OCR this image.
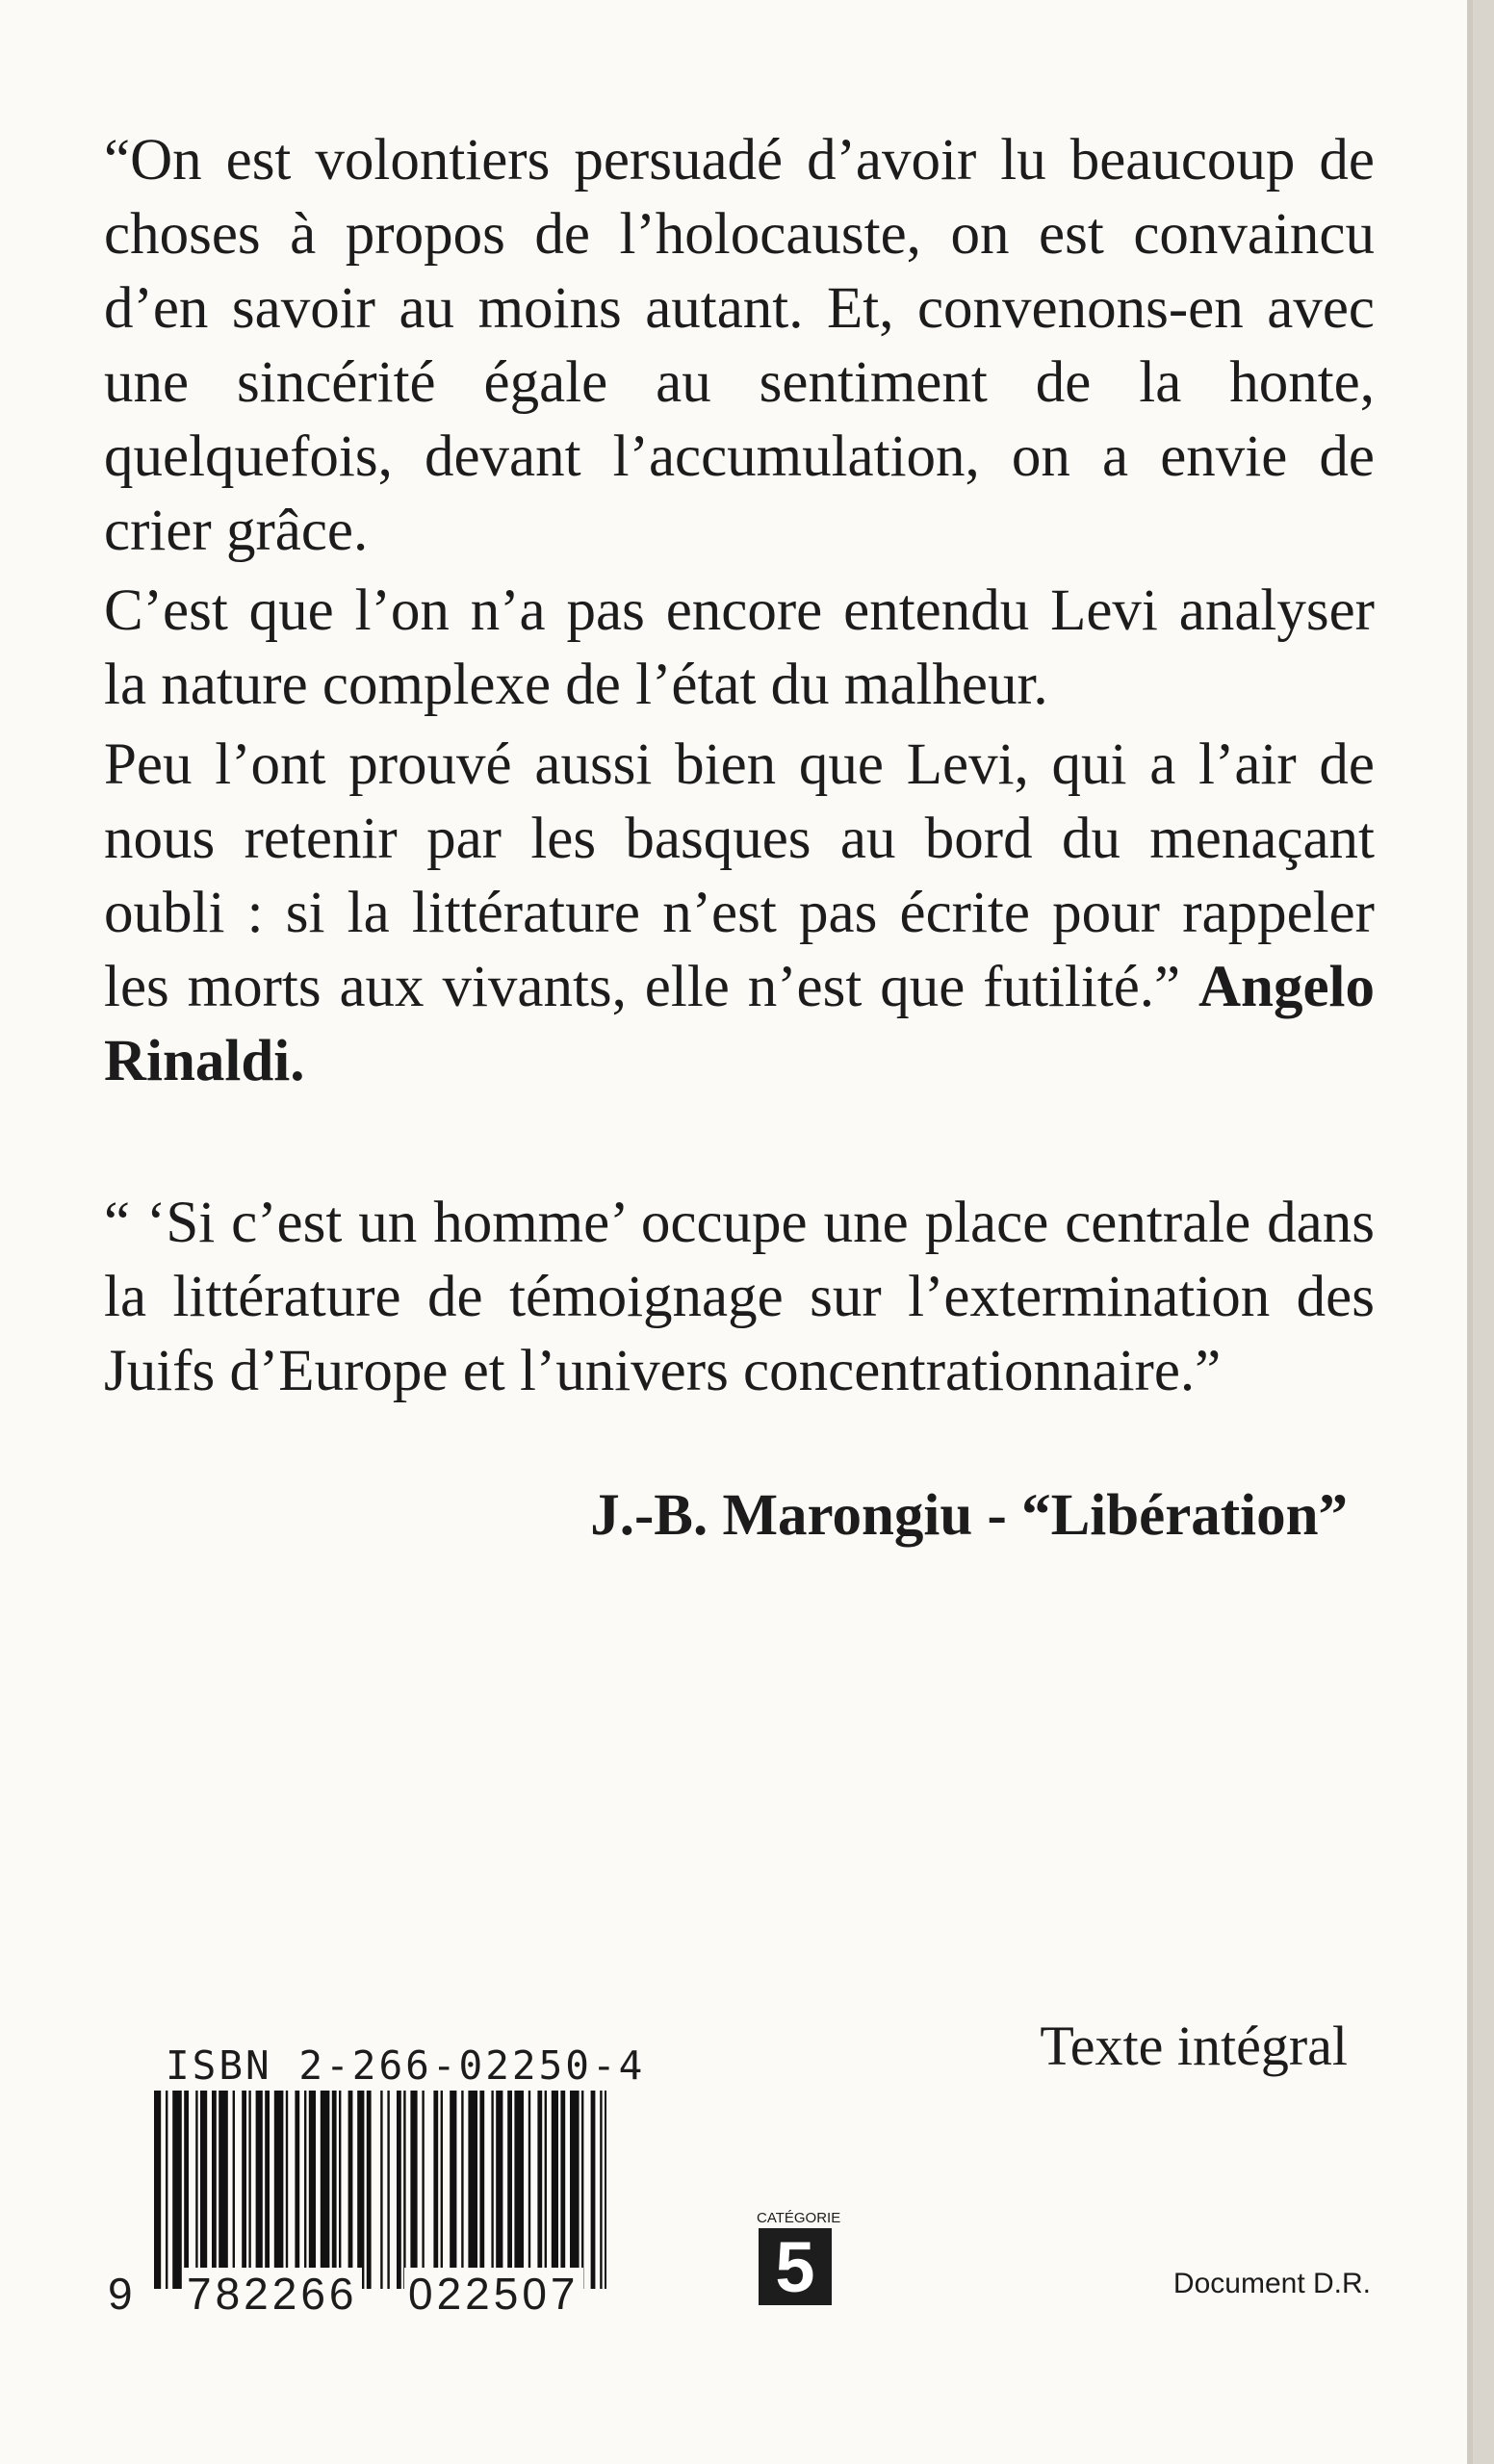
“On est volontiers persuadé d’avoir lu beaucoup de choses à propos de l’holocauste, on est convaincu d’en savoir au moins autant. Et, convenons-en avec une sincérité égale au sentiment de la honte, quelquefois, devant l’accumulation, on a envie de crier grâce.

C’est que l’on n’a pas encore entendu Levi analyser la nature complexe de l’état du malheur.

Peu l’ont prouvé aussi bien que Levi, qui a l’air de nous retenir par les basques au bord du menaçant oubli : si la littérature n’est pas écrite pour rappeler les morts aux vivants, elle n’est que futilité.” Angelo Rinaldi.

“ ‘Si c’est un homme’ occupe une place centrale dans la littérature de témoignage sur l’extermination des Juifs d’Europe et l’univers concentrationnaire.”

J.-B. Marongiu - “Libération”

Texte intégral

ISBN 2-266-02250-4

9 782266 022507
CATÉGORIE
5	Document D.R.
